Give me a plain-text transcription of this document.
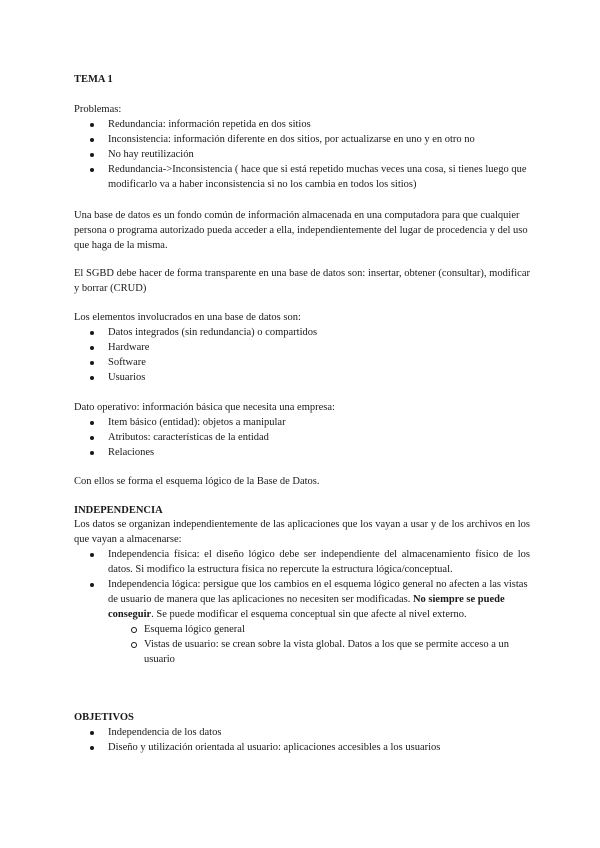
TEMA 1
Problemas:
Redundancia: información repetida en dos sitios
Inconsistencia: información diferente en dos sitios, por actualizarse en uno y en otro no
No hay reutilización
Redundancia->Inconsistencia ( hace que si está repetido muchas veces una cosa, si tienes luego que modificarlo va a haber inconsistencia si no los cambia en todos los sitios)
Una base de datos es un fondo común de información almacenada en una computadora para que cualquier persona o programa autorizado pueda acceder a ella, independientemente del lugar de procedencia y del uso que haga de la misma.
El SGBD debe hacer de forma transparente en una base de datos son: insertar, obtener (consultar), modificar y borrar (CRUD)
Los elementos involucrados en una base de datos son:
Datos integrados (sin redundancia) o compartidos
Hardware
Software
Usuarios
Dato operativo: información básica que necesita una empresa:
Item básico (entidad): objetos a manipular
Atributos: características de la entidad
Relaciones
Con ellos se forma el esquema lógico de la Base de Datos.
INDEPENDENCIA
Los datos se organizan independientemente de las aplicaciones que los vayan a usar y de los archivos en los que vayan a almacenarse:
Independencia física: el diseño lógico debe ser independiente del almacenamiento físico de los datos. Si modifico la estructura física no repercute la estructura lógica/conceptual.
Independencia lógica: persigue que los cambios en el esquema lógico general no afecten a las vistas de usuario de manera que las aplicaciones no necesiten ser modificadas. No siempre se puede conseguir. Se puede modificar el esquema conceptual sin que afecte al nivel externo.
Esquema lógico general
Vistas de usuario: se crean sobre la vista global. Datos a los que se permite acceso a un usuario
OBJETIVOS
Independencia de los datos
Diseño y utilización orientada al usuario: aplicaciones accesibles a los usuarios
